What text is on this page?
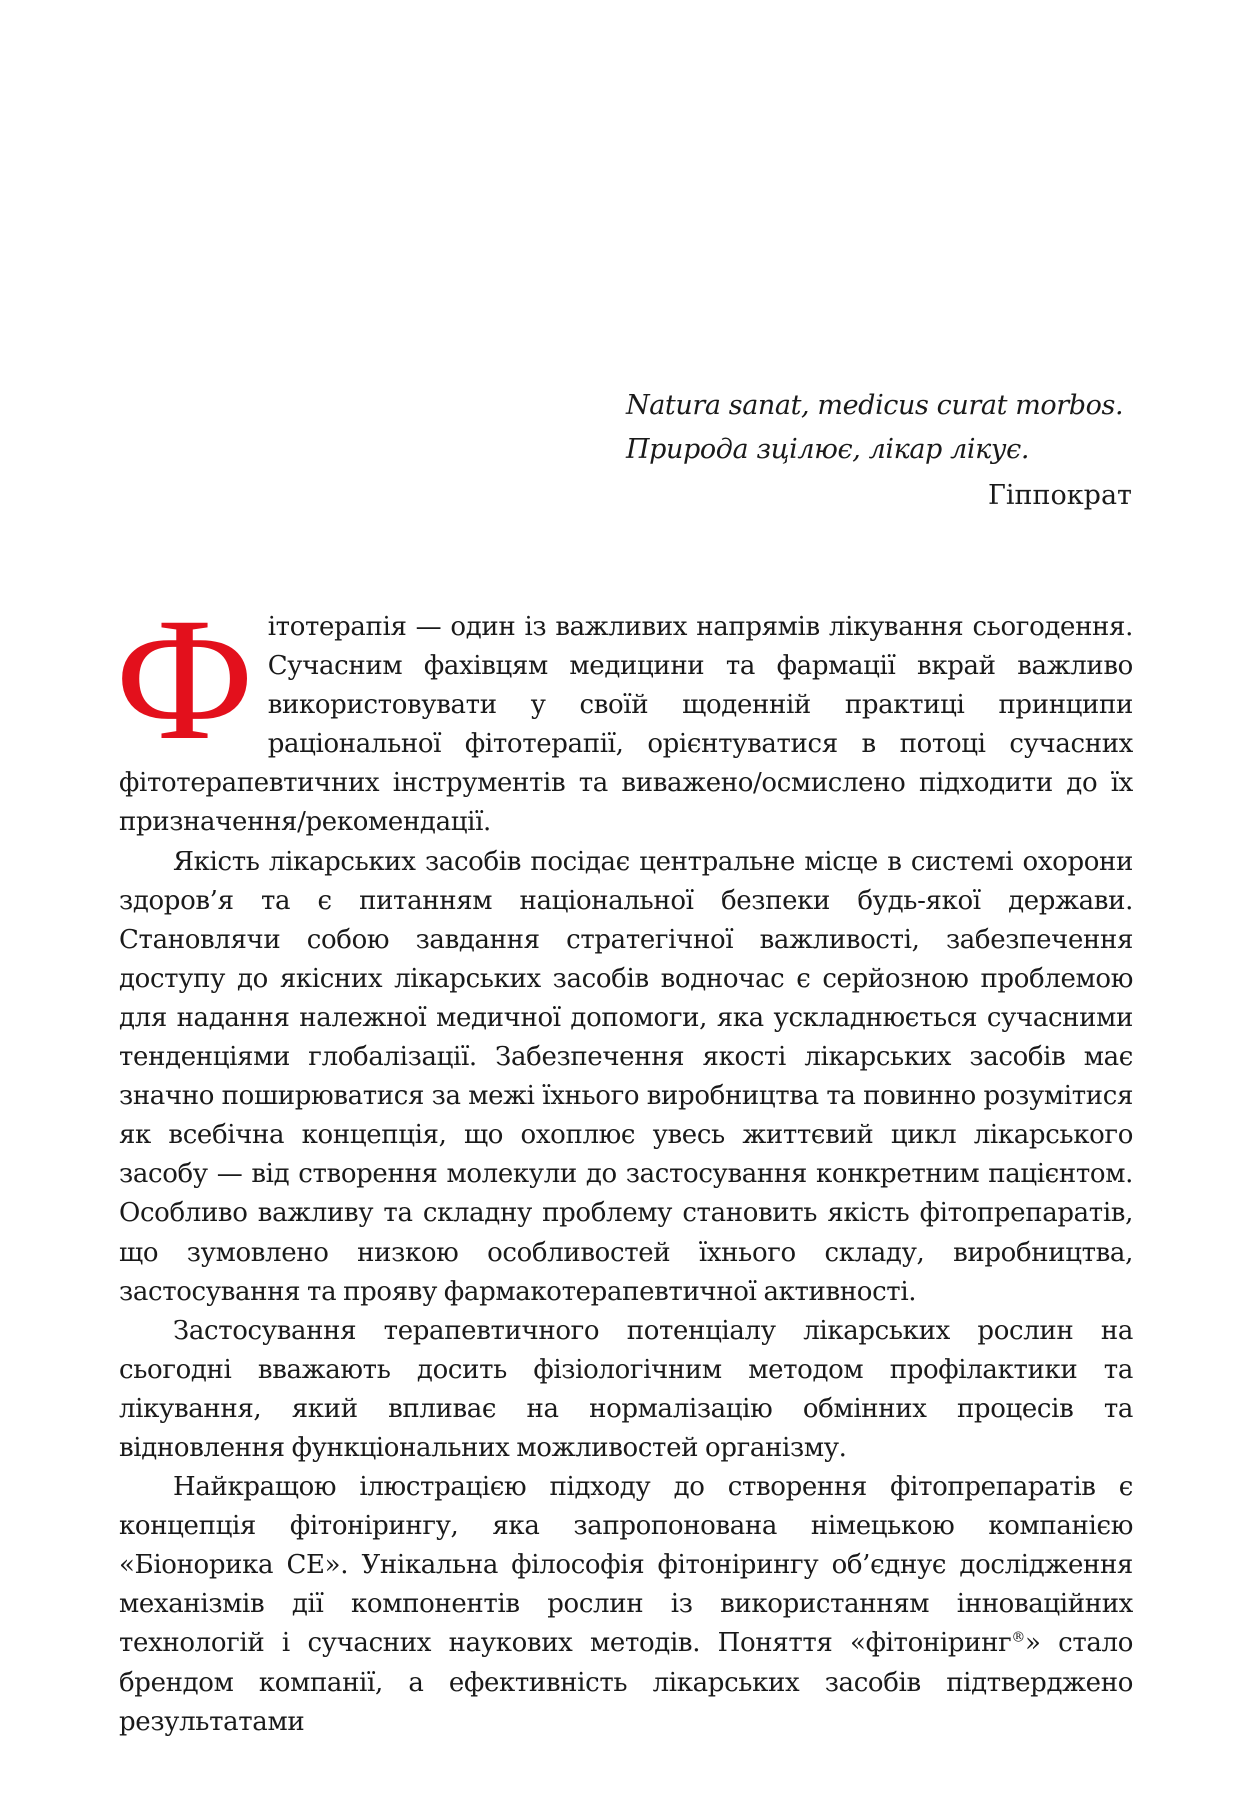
Natura sanat, medicus curat morbos.
Природа зцілює, лікар лікує.
Гіппократ

Фітотерапія — один із важливих напрямів лікування сьогодення. Сучасним фахівцям медицини та фармації вкрай важливо використовувати у своїй щоденній практиці принципи раціональної фітотерапії, орієнтуватися в потоці сучасних фітотерапевтичних інструментів та виважено/осмислено підходити до їх призначення/рекомендації.

Якість лікарських засобів посідає центральне місце в системі охорони здоров’я та є питанням національної безпеки будь-якої держави. Становлячи собою завдання стратегічної важливості, забезпечення доступу до якісних лікарських засобів водночас є серйозною проблемою для надання належної медичної допомоги, яка ускладнюється сучасними тенденціями глобалізації. Забезпечення якості лікарських засобів має значно поширюватися за межі їхнього виробництва та повинно розумітися як всебічна концепція, що охоплює увесь життєвий цикл лікарського засобу — від створення молекули до застосування конкретним пацієнтом. Особливо важливу та складну проблему становить якість фітопрепаратів, що зумовлено низкою особливостей їхнього складу, виробництва, застосування та прояву фармакотерапевтичної активності.

Застосування терапевтичного потенціалу лікарських рослин на сьогодні вважають досить фізіологічним методом профілактики та лікування, який впливає на нормалізацію обмінних процесів та відновлення функціональних можливостей організму.

Найкращою ілюстрацією підходу до створення фітопрепаратів є концепція фітонірингу, яка запропонована німецькою компанією «Біонорика СЕ». Унікальна філософія фітонірингу об’єднує дослідження механізмів дії компонентів рослин із використанням інноваційних технологій і сучасних наукових методів. Поняття «фітоніринг®» стало брендом компанії, а ефективність лікарських засобів підтверджено результатами
